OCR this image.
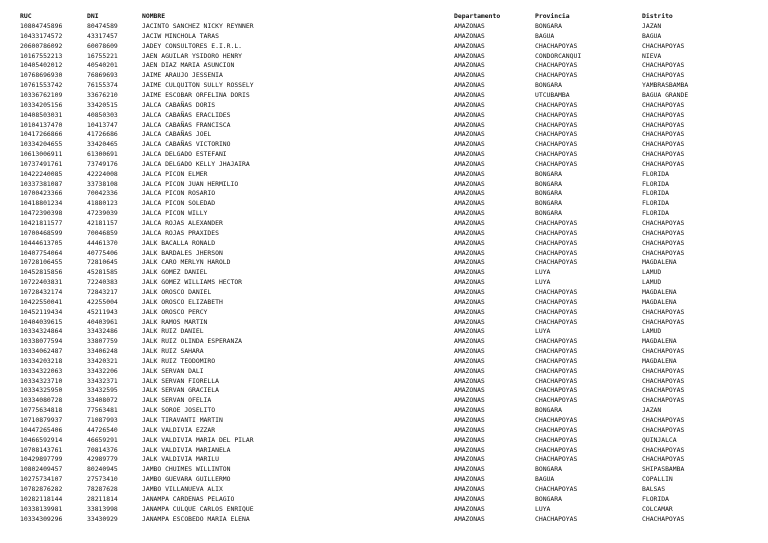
RUC	DNI	NOMBRE	Departamento	Provincia	Distrito
10804745896	80474589	JACINTO SANCHEZ NICKY REYNNER	AMAZONAS	BONGARA	JAZAN
10433174572	43317457	JACIW MINCHOLA TARAS	AMAZONAS	BAGUA	BAGUA
20600786092	60078609	JADEY CONSULTORES E.I.R.L.	AMAZONAS	CHACHAPOYAS	CHACHAPOYAS
10167552213	16755221	JAEN AGUILAR YSIDORO HENRY	AMAZONAS	CONDORCANQUI	NIEVA
10405402012	40540201	JAEN DIAZ MARIA ASUNCION	AMAZONAS	CHACHAPOYAS	CHACHAPOYAS
10768696930	76869693	JAIME ARAUJO JESSENIA	AMAZONAS	CHACHAPOYAS	CHACHAPOYAS
10761553742	76155374	JAIME CULQUITON SULLY ROSSELY	AMAZONAS	BONGARA	YAMBRASBAMBA
10336762109	33676210	JAIME ESCOBAR ORFELINA DORIS	AMAZONAS	UTCUBAMBA	BAGUA GRANDE
10334205156	33420515	JALCA CABAÑAS DORIS	AMAZONAS	CHACHAPOYAS	CHACHAPOYAS
10408503031	40850303	JALCA CABAÑAS ERACLIDES	AMAZONAS	CHACHAPOYAS	CHACHAPOYAS
10104137470	10413747	JALCA CABAÑAS FRANCISCA	AMAZONAS	CHACHAPOYAS	CHACHAPOYAS
10417266866	41726686	JALCA CABAÑAS JOEL	AMAZONAS	CHACHAPOYAS	CHACHAPOYAS
10334204655	33420465	JALCA CABAÑAS VICTORINO	AMAZONAS	CHACHAPOYAS	CHACHAPOYAS
10613006911	61300691	JALCA DELGADO ESTEFANI	AMAZONAS	CHACHAPOYAS	CHACHAPOYAS
10737491761	73749176	JALCA DELGADO KELLY JHAJAIRA	AMAZONAS	CHACHAPOYAS	CHACHAPOYAS
10422240085	42224008	JALCA PICON ELMER	AMAZONAS	BONGARA	FLORIDA
10337381087	33738108	JALCA PICON JUAN HERMILIO	AMAZONAS	BONGARA	FLORIDA
10700423366	70042336	JALCA PICON ROSARIO	AMAZONAS	BONGARA	FLORIDA
10418801234	41880123	JALCA PICON SOLEDAD	AMAZONAS	BONGARA	FLORIDA
10472390398	47239039	JALCA PICON WILLY	AMAZONAS	BONGARA	FLORIDA
10421811577	42181157	JALCA ROJAS ALEXANDER	AMAZONAS	CHACHAPOYAS	CHACHAPOYAS
10700468599	70046859	JALCA ROJAS PRAXIDES	AMAZONAS	CHACHAPOYAS	CHACHAPOYAS
10444613705	44461370	JALK BACALLA RONALD	AMAZONAS	CHACHAPOYAS	CHACHAPOYAS
10407754064	40775406	JALK BARDALES JHERSON	AMAZONAS	CHACHAPOYAS	CHACHAPOYAS
10728106455	72810645	JALK CARO MERLYN HAROLD	AMAZONAS	CHACHAPOYAS	MAGDALENA
10452815856	45281585	JALK GOMEZ DANIEL	AMAZONAS	LUYA	LAMUD
10722403831	72240383	JALK GOMEZ WILLIAMS HECTOR	AMAZONAS	LUYA	LAMUD
10728432174	72843217	JALK OROSCO DANIEL	AMAZONAS	CHACHAPOYAS	MAGDALENA
10422550041	42255004	JALK OROSCO ELIZABETH	AMAZONAS	CHACHAPOYAS	MAGDALENA
10452119434	45211943	JALK OROSCO PERCY	AMAZONAS	CHACHAPOYAS	CHACHAPOYAS
10404039615	40403961	JALK RAMOS MARTIN	AMAZONAS	CHACHAPOYAS	CHACHAPOYAS
10334324864	33432486	JALK RUIZ DANIEL	AMAZONAS	LUYA	LAMUD
10338077594	33807759	JALK RUIZ OLINDA ESPERANZA	AMAZONAS	CHACHAPOYAS	MAGDALENA
10334062487	33406248	JALK RUIZ SAHARA	AMAZONAS	CHACHAPOYAS	CHACHAPOYAS
10334203218	33420321	JALK RUIZ TEODOMIRO	AMAZONAS	CHACHAPOYAS	MAGDALENA
10334322063	33432206	JALK SERVAN DALI	AMAZONAS	CHACHAPOYAS	CHACHAPOYAS
10334323710	33432371	JALK SERVAN FIORELLA	AMAZONAS	CHACHAPOYAS	CHACHAPOYAS
10334325950	33432595	JALK SERVAN GRACIELA	AMAZONAS	CHACHAPOYAS	CHACHAPOYAS
10334080728	33408072	JALK SERVAN OFELIA	AMAZONAS	CHACHAPOYAS	CHACHAPOYAS
10775634818	77563481	JALK SOROE JOSELITO	AMAZONAS	BONGARA	JAZAN
10710879937	71087993	JALK TIRAVANTI MARTIN	AMAZONAS	CHACHAPOYAS	CHACHAPOYAS
10447265406	44726540	JALK VALDIVIA EZZAR	AMAZONAS	CHACHAPOYAS	CHACHAPOYAS
10466592914	46659291	JALK VALDIVIA MARIA DEL PILAR	AMAZONAS	CHACHAPOYAS	QUINJALCA
10708143761	70814376	JALK VALDIVIA MARIANELA	AMAZONAS	CHACHAPOYAS	CHACHAPOYAS
10429897799	42989779	JALK VALDIVIA MARILU	AMAZONAS	CHACHAPOYAS	CHACHAPOYAS
10802409457	80240945	JAMBO CHUIMES WILLINTON	AMAZONAS	BONGARA	SHIPASBAMBA
10275734107	27573410	JAMBO GUEVARA GUILLERMO	AMAZONAS	BAGUA	COPALLIN
10782876282	78287628	JAMBO VILLANUEVA ALIX	AMAZONAS	CHACHAPOYAS	BALSAS
10282118144	28211814	JANAMPA CARDENAS PELAGIO	AMAZONAS	BONGARA	FLORIDA
10338139981	33813998	JANAMPA CULQUE CARLOS ENRIQUE	AMAZONAS	LUYA	COLCAMAR
10334309296	33430929	JANAMPA ESCOBEDO MARIA ELENA	AMAZONAS	CHACHAPOYAS	CHACHAPOYAS
